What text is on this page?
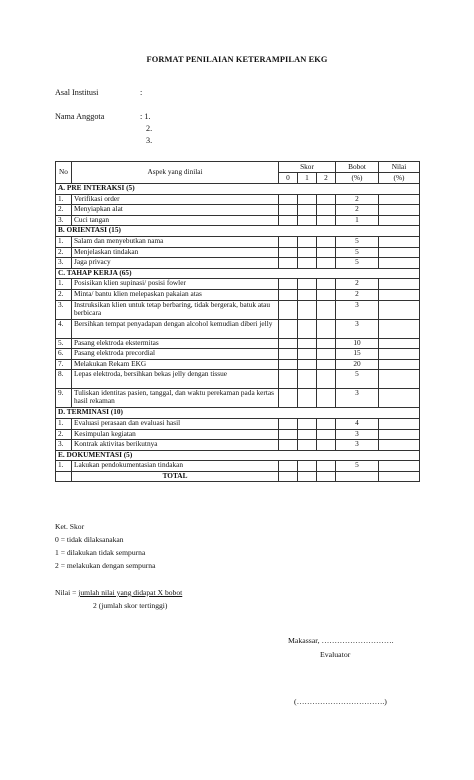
FORMAT PENILAIAN KETERAMPILAN EKG
Asal Institusi	:
Nama Anggota	: 1.
2.
3.
No	Aspek yang dinilai	Skor			Bobot	Nilai
		0	1	2	(%)	(%)
A. PRE INTERAKSI (5)						
1.	Verifikasi order				2	
2.	Menyiapkan alat				2	
3.	Cuci tangan				1	
B. ORIENTASI (15)						
1.	Salam dan menyebutkan nama				5	
2.	Menjelaskan tindakan				5	
3.	Jaga privacy				5	
C. TAHAP KERJA (65)						
1.	Posisikan klien supinasi/ posisi fowler				2	
2.	Minta/ bantu klien melepaskan pakaian atas				2	
3.	Instruksikan klien untuk tetap berbaring, tidak bergerak, batuk atau berbicara				3	
4.	Bersihkan tempat penyadapan dengan alcohol kemudian diberi jelly				3	
5.	Pasang elektroda ekstermitas				10	
6.	Pasang elektroda precordial				15	
7.	Melakukan Rekam EKG				20	
8.	Lepas elektroda, bersihkan bekas jelly dengan tissue				5	
9.	Tuliskan identitas pasien, tanggal, dan waktu perekaman pada kertas hasil rekaman				3	
D. TERMINASI (10)						
1.	Evaluasi perasaan dan evaluasi hasil				4	
2.	Kesimpulan kegiatan				3	
3.	Kontrak aktivitas berikutnya				3	
E. DOKUMENTASI (5)						
1.	Lakukan pendokumentasian tindakan				5	
	TOTAL					
Ket. Skor
0 = tidak dilaksanakan
1 = dilakukan tidak sempurna
2 = melakukan dengan sempurna
Nilai = jumlah nilai yang didapat X bobot
2 (jumlah skor tertinggi)
Makassar, ……………………….
Evaluator
(…………………………….)
